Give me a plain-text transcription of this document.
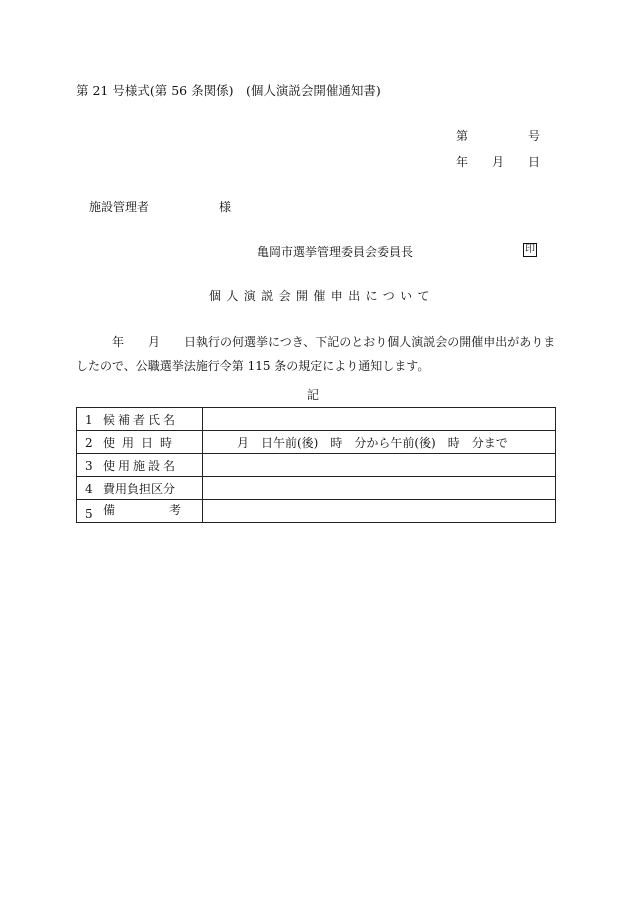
第 21 号様式(第 56 条関係)　(個人演説会開催通知書)
第	号
年 月 日
施設管理者	様
亀岡市選挙管理委員会委員長	印
個人演説会開催申出について
年　　月　　日執行の何選挙につき、下記のとおり個人演説会の開催申出がありま
したので、公職選挙法施行令第 115 条の規定により通知します。
記
1 候補者氏名	
2 使用日時	月　日午前(後)　時　分から午前(後)　時　分まで
3 使用施設名	
4 費用負担区分	
5 備 考	
